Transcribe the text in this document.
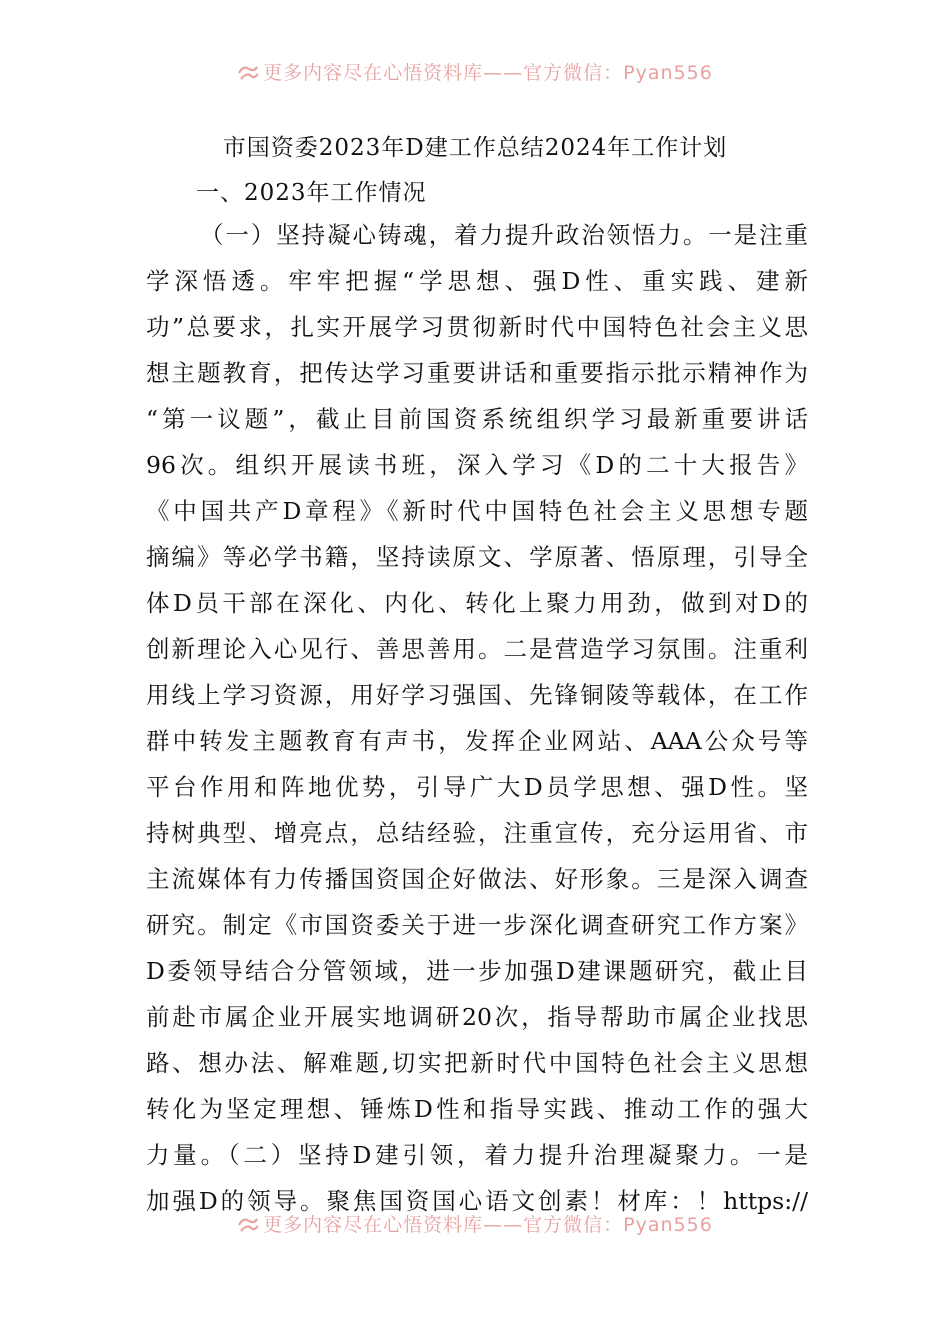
更多内容尽在心悟资料库——官方微信：Pyan556
市国资委2023年D建工作总结2024年工作计划
一、2023年工作情况
（一）坚持凝心铸魂，着力提升政治领悟力。一是注重
学深悟透。牢牢把握“学思想、强D性、重实践、建新
功”总要求，扎实开展学习贯彻新时代中国特色社会主义思
想主题教育，把传达学习重要讲话和重要指示批示精神作为
“第一议题”，截止目前国资系统组织学习最新重要讲话
96次。组织开展读书班，深入学习《D的二十大报告》
《中国共产D章程》《新时代中国特色社会主义思想专题
摘编》等必学书籍，坚持读原文、学原著、悟原理，引导全
体D员干部在深化、内化、转化上聚力用劲，做到对D的
创新理论入心见行、善思善用。二是营造学习氛围。注重利
用线上学习资源，用好学习强国、先锋铜陵等载体，在工作
群中转发主题教育有声书，发挥企业网站、AAA公众号等
平台作用和阵地优势，引导广大D员学思想、强D性。坚
持树典型、增亮点，总结经验，注重宣传，充分运用省、市
主流媒体有力传播国资国企好做法、好形象。三是深入调查
研究。制定《市国资委关于进一步深化调查研究工作方案》
D委领导结合分管领域，进一步加强D建课题研究，截止目
前赴市属企业开展实地调研20次，指导帮助市属企业找思
路、想办法、解难题,切实把新时代中国特色社会主义思想
转化为坚定理想、锤炼D性和指导实践、推动工作的强大
力量。（二）坚持D建引领，着力提升治理凝聚力。一是
加强D的领导。聚焦国资国心语文创素！材库：！https://
更多内容尽在心悟资料库——官方微信：Pyan556
